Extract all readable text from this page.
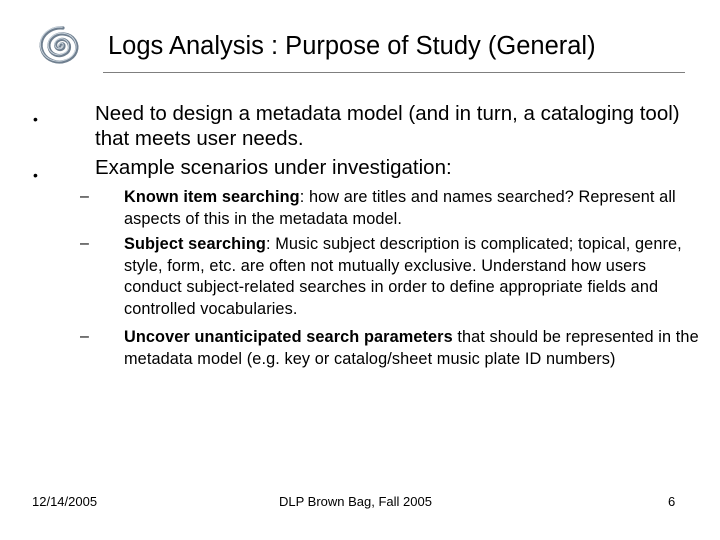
Logs Analysis : Purpose of Study (General)
•	Need to design a metadata model (and in turn, a cataloging tool) that meets user needs.
•	Example scenarios under investigation:
– Known item searching: how are titles and names searched? Represent all aspects of this in the metadata model.
– Subject searching: Music subject description is complicated; topical, genre, style, form, etc. are often not mutually exclusive. Understand how users conduct subject-related searches in order to define appropriate fields and controlled vocabularies.
– Uncover unanticipated search parameters that should be represented in the metadata model (e.g. key or catalog/sheet music plate ID numbers)
12/14/2005	DLP Brown Bag, Fall 2005	6
